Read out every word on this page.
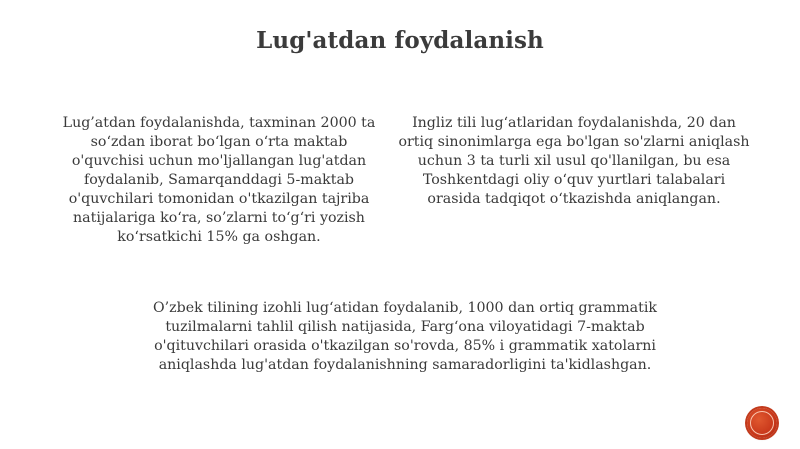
Lug'atdan foydalanish
Lug’atdan foydalanishda, taxminan 2000 ta
so‘zdan iborat bo‘lgan o‘rta maktab
o'quvchisi uchun mo'ljallangan lug'atdan
foydalanib, Samarqanddagi 5-maktab
o'quvchilari tomonidan o'tkazilgan tajriba
natijalariga ko‘ra, so’zlarni to‘g‘ri yozish
ko‘rsatkichi 15% ga oshgan.
Ingliz tili lug‘atlaridan foydalanishda, 20 dan
ortiq sinonimlarga ega bo'lgan so'zlarni aniqlash
uchun 3 ta turli xil usul qo'llanilgan, bu esa
Toshkentdagi oliy o‘quv yurtlari talabalari
orasida tadqiqot o‘tkazishda aniqlangan.
O’zbek tilining izohli lug‘atidan foydalanib, 1000 dan ortiq grammatik
tuzilmalarni tahlil qilish natijasida, Farg‘ona viloyatidagi 7-maktab
o'qituvchilari orasida o'tkazilgan so'rovda, 85% i grammatik xatolarni
aniqlashda lug'atdan foydalanishning samaradorligini ta'kidlashgan.
